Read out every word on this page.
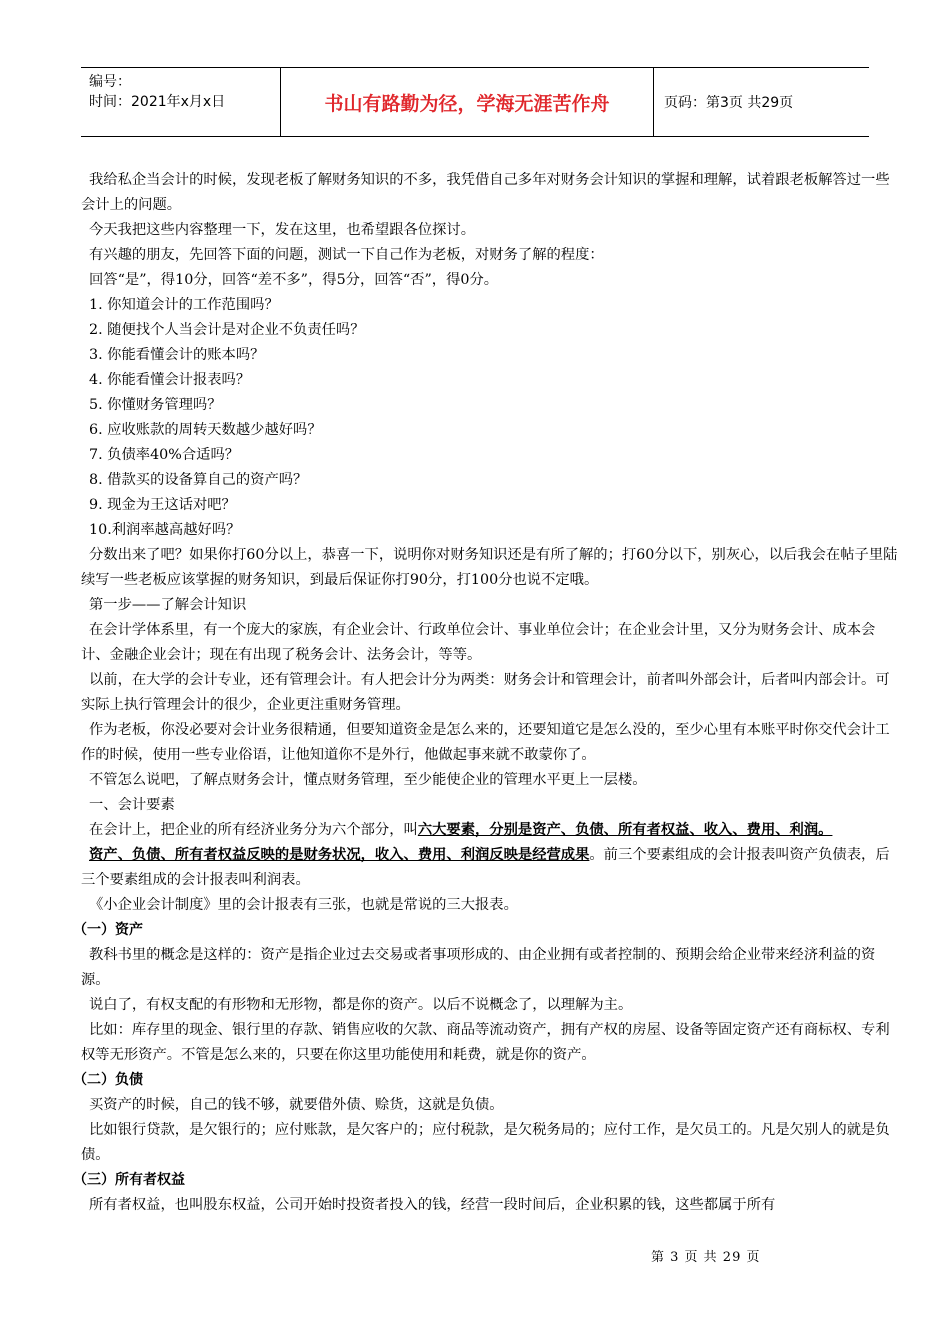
编号：
时间：2021年x月x日	书山有路勤为径，学海无涯苦作舟	页码：第3页 共29页

我给私企当会计的时候，发现老板了解财务知识的不多，我凭借自己多年对财务会计知识的掌握和理解，试着跟老板解答过一些会计上的问题。

今天我把这些内容整理一下，发在这里，也希望跟各位探讨。

有兴趣的朋友，先回答下面的问题，测试一下自己作为老板，对财务了解的程度：

回答“是”，得10分，回答“差不多”，得5分，回答“否”，得0分。

1. 你知道会计的工作范围吗？

2. 随便找个人当会计是对企业不负责任吗？

3. 你能看懂会计的账本吗？

4. 你能看懂会计报表吗？

5. 你懂财务管理吗？

6. 应收账款的周转天数越少越好吗？

7. 负债率40%合适吗？

8. 借款买的设备算自己的资产吗？

9. 现金为王这话对吧？

10.利润率越高越好吗？

分数出来了吧？如果你打60分以上，恭喜一下，说明你对财务知识还是有所了解的；打60分以下，别灰心，以后我会在帖子里陆续写一些老板应该掌握的财务知识，到最后保证你打90分，打100分也说不定哦。

第一步——了解会计知识

在会计学体系里，有一个庞大的家族，有企业会计、行政单位会计、事业单位会计；在企业会计里，又分为财务会计、成本会计、金融企业会计；现在有出现了税务会计、法务会计，等等。

以前，在大学的会计专业，还有管理会计。有人把会计分为两类：财务会计和管理会计，前者叫外部会计，后者叫内部会计。可实际上执行管理会计的很少，企业更注重财务管理。

作为老板，你没必要对会计业务很精通，但要知道资金是怎么来的，还要知道它是怎么没的，至少心里有本账平时你交代会计工作的时候，使用一些专业俗语，让他知道你不是外行，他做起事来就不敢蒙你了。

不管怎么说吧，了解点财务会计，懂点财务管理，至少能使企业的管理水平更上一层楼。

一、会计要素

在会计上，把企业的所有经济业务分为六个部分，叫六大要素，分别是资产、负债、所有者权益、收入、费用、利润。

资产、负债、所有者权益反映的是财务状况，收入、费用、利润反映是经营成果。前三个要素组成的会计报表叫资产负债表，后三个要素组成的会计报表叫利润表。

《小企业会计制度》里的会计报表有三张，也就是常说的三大报表。

（一）资产

教科书里的概念是这样的：资产是指企业过去交易或者事项形成的、由企业拥有或者控制的、预期会给企业带来经济利益的资源。

说白了，有权支配的有形物和无形物，都是你的资产。以后不说概念了，以理解为主。

比如：库存里的现金、银行里的存款、销售应收的欠款、商品等流动资产，拥有产权的房屋、设备等固定资产还有商标权、专利权等无形资产。不管是怎么来的，只要在你这里功能使用和耗费，就是你的资产。

（二）负债

买资产的时候，自己的钱不够，就要借外债、赊货，这就是负债。

比如银行贷款，是欠银行的；应付账款，是欠客户的；应付税款，是欠税务局的；应付工作，是欠员工的。凡是欠别人的就是负债。

（三）所有者权益

所有者权益，也叫股东权益，公司开始时投资者投入的钱，经营一段时间后，企业积累的钱，这些都属于所有

第 3 页 共 29 页
